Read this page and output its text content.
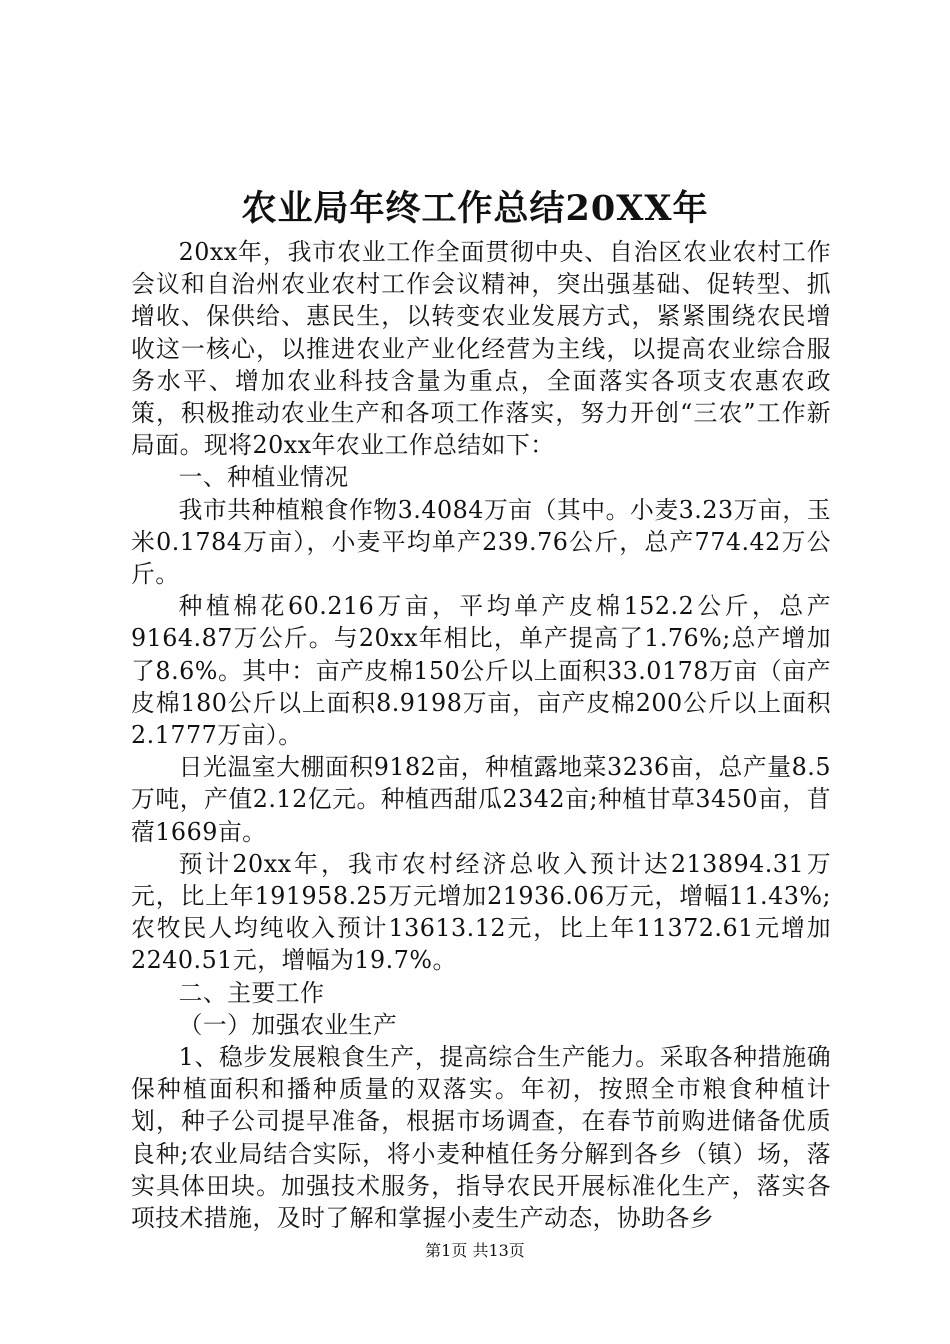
农业局年终工作总结20XX年

20xx年，我市农业工作全面贯彻中央、自治区农业农村工作会议和自治州农业农村工作会议精神，突出强基础、促转型、抓增收、保供给、惠民生，以转变农业发展方式，紧紧围绕农民增收这一核心，以推进农业产业化经营为主线，以提高农业综合服务水平、增加农业科技含量为重点，全面落实各项支农惠农政策，积极推动农业生产和各项工作落实，努力开创“三农”工作新局面。现将20xx年农业工作总结如下：

一、种植业情况

我市共种植粮食作物3.4084万亩（其中。小麦3.23万亩，玉米0.1784万亩），小麦平均单产239.76公斤，总产774.42万公斤。

种植棉花60.216万亩，平均单产皮棉152.2公斤，总产9164.87万公斤。与20xx年相比，单产提高了1.76%;总产增加了8.6%。其中：亩产皮棉150公斤以上面积33.0178万亩（亩产皮棉180公斤以上面积8.9198万亩，亩产皮棉200公斤以上面积2.1777万亩）。

日光温室大棚面积9182亩，种植露地菜3236亩，总产量8.5万吨，产值2.12亿元。种植西甜瓜2342亩;种植甘草3450亩，苜蓿1669亩。

预计20xx年，我市农村经济总收入预计达213894.31万元，比上年191958.25万元增加21936.06万元，增幅11.43%;农牧民人均纯收入预计13613.12元，比上年11372.61元增加2240.51元，增幅为19.7%。

二、主要工作

（一）加强农业生产

1、稳步发展粮食生产，提高综合生产能力。采取各种措施确保种植面积和播种质量的双落实。年初，按照全市粮食种植计划，种子公司提早准备，根据市场调查，在春节前购进储备优质良种;农业局结合实际，将小麦种植任务分解到各乡（镇）场，落实具体田块。加强技术服务，指导农民开展标准化生产，落实各项技术措施，及时了解和掌握小麦生产动态，协助各乡

第1页 共13页
